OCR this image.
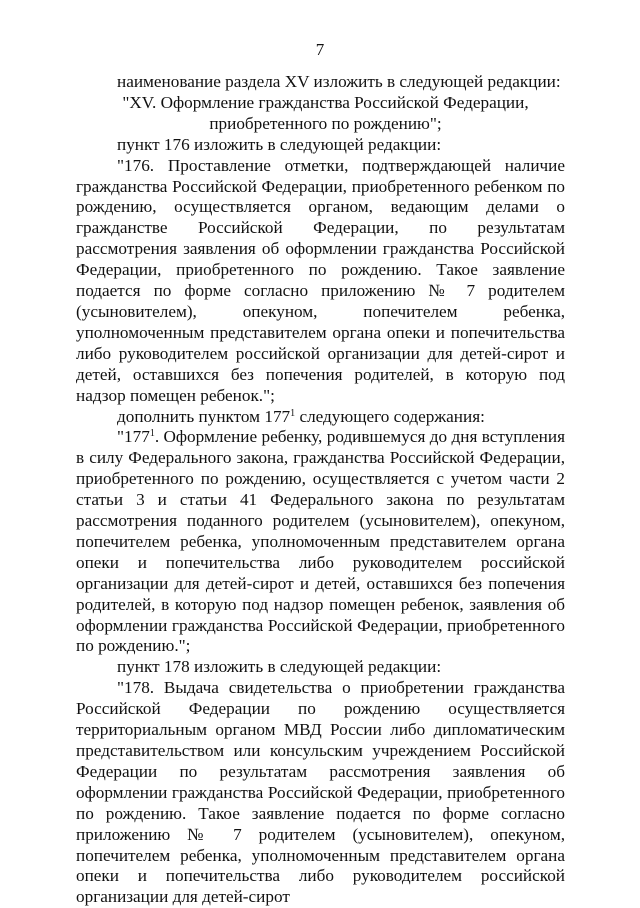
7

наименование раздела XV изложить в следующей редакции:

"XV. Оформление гражданства Российской Федерации, приобретенного по рождению";

пункт 176 изложить в следующей редакции:

"176. Проставление отметки, подтверждающей наличие гражданства Российской Федерации, приобретенного ребенком по рождению, осуществляется органом, ведающим делами о гражданстве Российской Федерации, по результатам рассмотрения заявления об оформлении гражданства Российской Федерации, приобретенного по рождению. Такое заявление подается по форме согласно приложению № 7 родителем (усыновителем), опекуном, попечителем ребенка, уполномоченным представителем органа опеки и попечительства либо руководителем российской организации для детей-сирот и детей, оставшихся без попечения родителей, в которую под надзор помещен ребенок.";

дополнить пунктом $177^1$ следующего содержания:

"$177^1$. Оформление ребенку, родившемуся до дня вступления в силу Федерального закона, гражданства Российской Федерации, приобретенного по рождению, осуществляется с учетом части 2 статьи 3 и статьи 41 Федерального закона по результатам рассмотрения поданного родителем (усыновителем), опекуном, попечителем ребенка, уполномоченным представителем органа опеки и попечительства либо руководителем российской организации для детей-сирот и детей, оставшихся без попечения родителей, в которую под надзор помещен ребенок, заявления об оформлении гражданства Российской Федерации, приобретенного по рождению.";

пункт 178 изложить в следующей редакции:

"178. Выдача свидетельства о приобретении гражданства Российской Федерации по рождению осуществляется территориальным органом МВД России либо дипломатическим представительством или консульским учреждением Российской Федерации по результатам рассмотрения заявления об оформлении гражданства Российской Федерации, приобретенного по рождению. Такое заявление подается по форме согласно приложению № 7 родителем (усыновителем), опекуном, попечителем ребенка, уполномоченным представителем органа опеки и попечительства либо руководителем российской организации для детей-сирот
